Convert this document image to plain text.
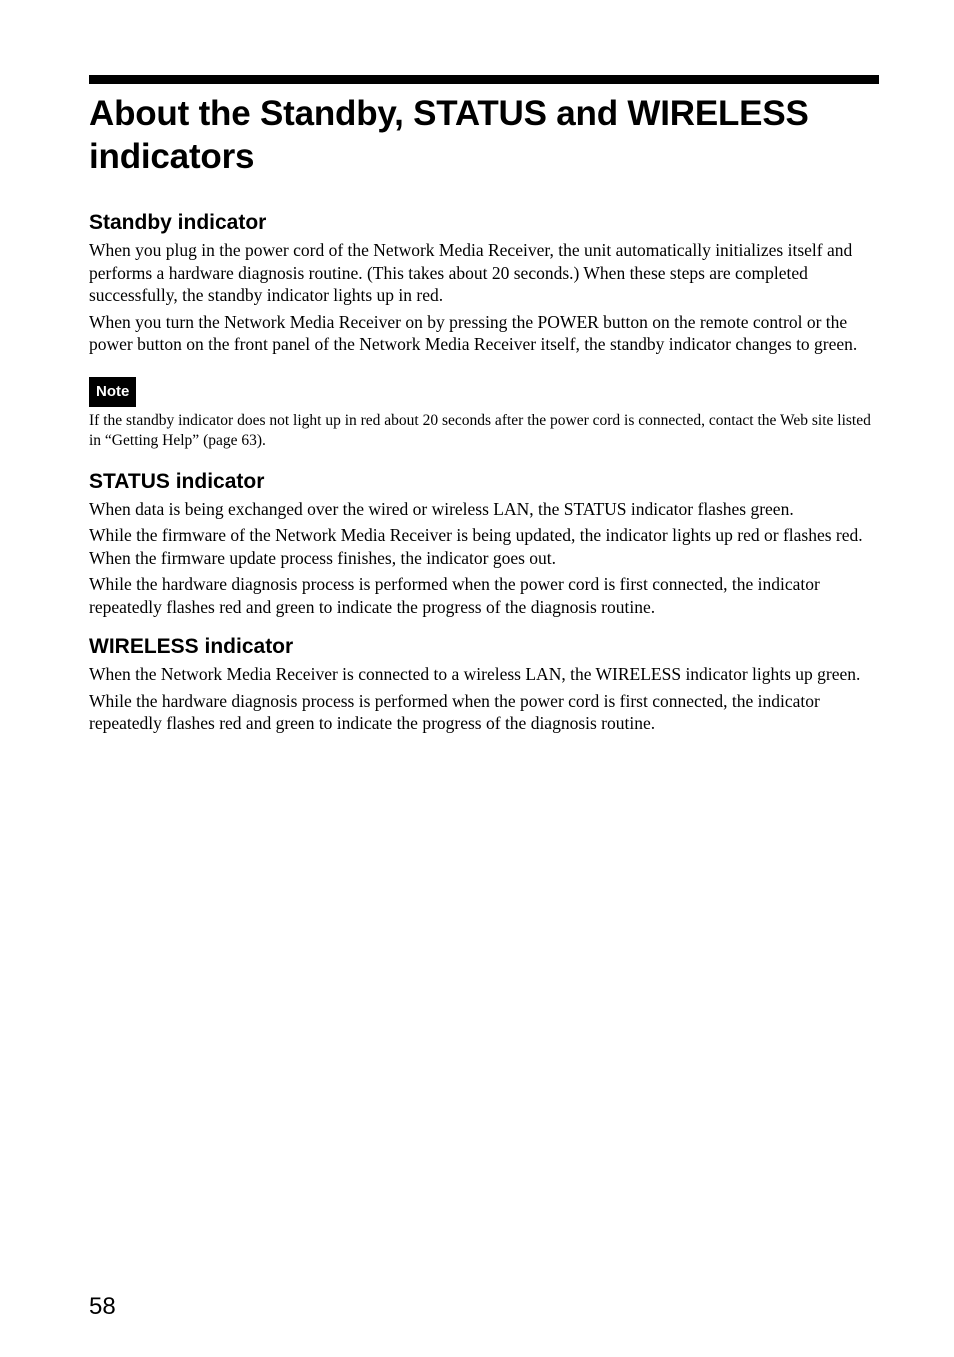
About the Standby, STATUS and WIRELESS indicators
Standby indicator

When you plug in the power cord of the Network Media Receiver, the unit automatically initializes itself and performs a hardware diagnosis routine. (This takes about 20 seconds.) When these steps are completed successfully, the standby indicator lights up in red.

When you turn the Network Media Receiver on by pressing the POWER button on the remote control or the power button on the front panel of the Network Media Receiver itself, the standby indicator changes to green.

Note

If the standby indicator does not light up in red about 20 seconds after the power cord is connected, contact the Web site listed in “Getting Help” (page 63).

STATUS indicator

When data is being exchanged over the wired or wireless LAN, the STATUS indicator flashes green.

While the firmware of the Network Media Receiver is being updated, the indicator lights up red or flashes red. When the firmware update process finishes, the indicator goes out.

While the hardware diagnosis process is performed when the power cord is first connected, the indicator repeatedly flashes red and green to indicate the progress of the diagnosis routine.

WIRELESS indicator

When the Network Media Receiver is connected to a wireless LAN, the WIRELESS indicator lights up green.

While the hardware diagnosis process is performed when the power cord is first connected, the indicator repeatedly flashes red and green to indicate the progress of the diagnosis routine.

58
